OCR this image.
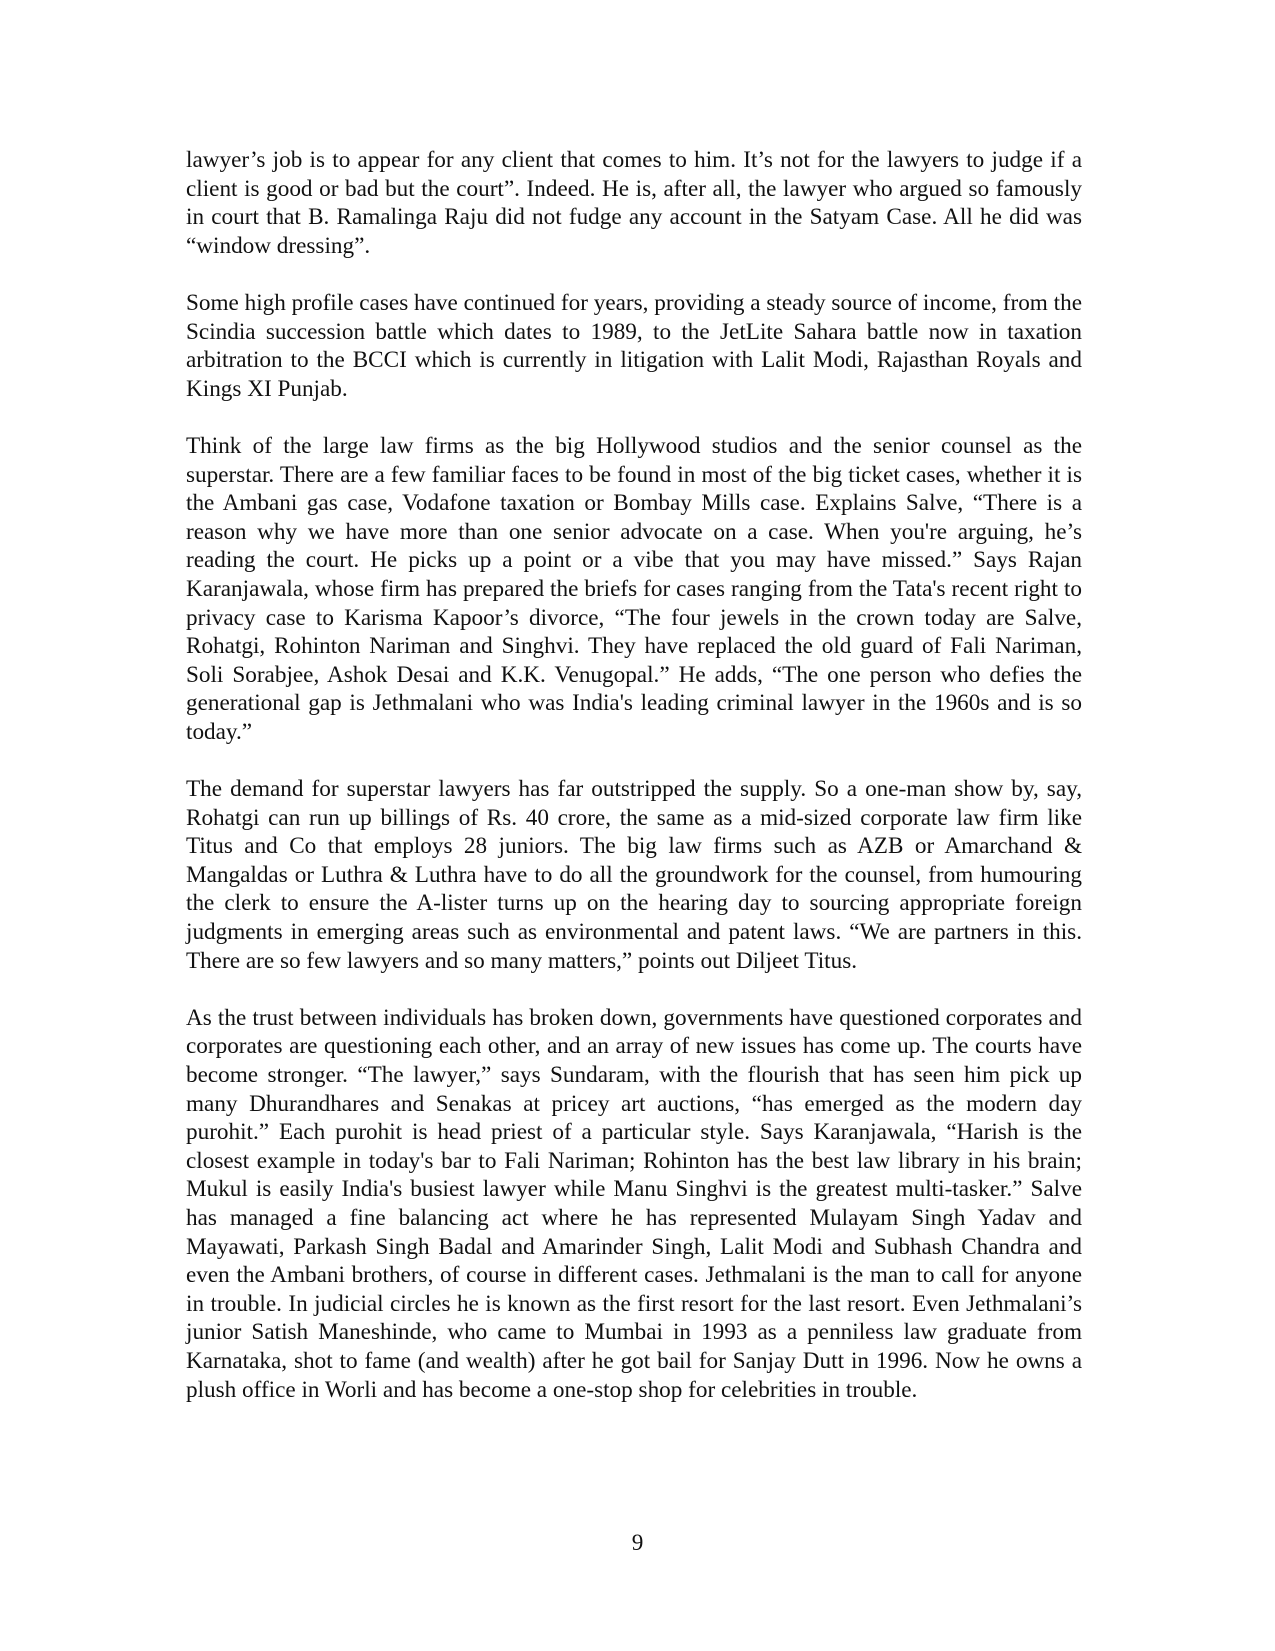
lawyer’s job is to appear for any client that comes to him. It’s not for the lawyers to judge if a client is good or bad but the court”. Indeed. He is, after all, the lawyer who argued so famously in court that B. Ramalinga Raju did not fudge any account in the Satyam Case. All he did was “window dressing”.

Some high profile cases have continued for years, providing a steady source of income, from the Scindia succession battle which dates to 1989, to the JetLite Sahara battle now in taxation arbitration to the BCCI which is currently in litigation with Lalit Modi, Rajasthan Royals and Kings XI Punjab.

Think of the large law firms as the big Hollywood studios and the senior counsel as the superstar. There are a few familiar faces to be found in most of the big ticket cases, whether it is the Ambani gas case, Vodafone taxation or Bombay Mills case. Explains Salve, “There is a reason why we have more than one senior advocate on a case. When you're arguing, he’s reading the court. He picks up a point or a vibe that you may have missed.” Says Rajan Karanjawala, whose firm has prepared the briefs for cases ranging from the Tata's recent right to privacy case to Karisma Kapoor’s divorce, “The four jewels in the crown today are Salve, Rohatgi, Rohinton Nariman and Singhvi. They have replaced the old guard of Fali Nariman, Soli Sorabjee, Ashok Desai and K.K. Venugopal.” He adds, “The one person who defies the generational gap is Jethmalani who was India's leading criminal lawyer in the 1960s and is so today.”

The demand for superstar lawyers has far outstripped the supply. So a one-man show by, say, Rohatgi can run up billings of Rs. 40 crore, the same as a mid-sized corporate law firm like Titus and Co that employs 28 juniors. The big law firms such as AZB or Amarchand & Mangaldas or Luthra & Luthra have to do all the groundwork for the counsel, from humouring the clerk to ensure the A-lister turns up on the hearing day to sourcing appropriate foreign judgments in emerging areas such as environmental and patent laws. “We are partners in this. There are so few lawyers and so many matters,” points out Diljeet Titus.

As the trust between individuals has broken down, governments have questioned corporates and corporates are questioning each other, and an array of new issues has come up. The courts have become stronger. “The lawyer,” says Sundaram, with the flourish that has seen him pick up many Dhurandhares and Senakas at pricey art auctions, “has emerged as the modern day purohit.” Each purohit is head priest of a particular style. Says Karanjawala, “Harish is the closest example in today's bar to Fali Nariman; Rohinton has the best law library in his brain; Mukul is easily India's busiest lawyer while Manu Singhvi is the greatest multi-tasker.” Salve has managed a fine balancing act where he has represented Mulayam Singh Yadav and Mayawati, Parkash Singh Badal and Amarinder Singh, Lalit Modi and Subhash Chandra and even the Ambani brothers, of course in different cases. Jethmalani is the man to call for anyone in trouble. In judicial circles he is known as the first resort for the last resort. Even Jethmalani’s junior Satish Maneshinde, who came to Mumbai in 1993 as a penniless law graduate from Karnataka, shot to fame (and wealth) after he got bail for Sanjay Dutt in 1996. Now he owns a plush office in Worli and has become a one-stop shop for celebrities in trouble.

9
